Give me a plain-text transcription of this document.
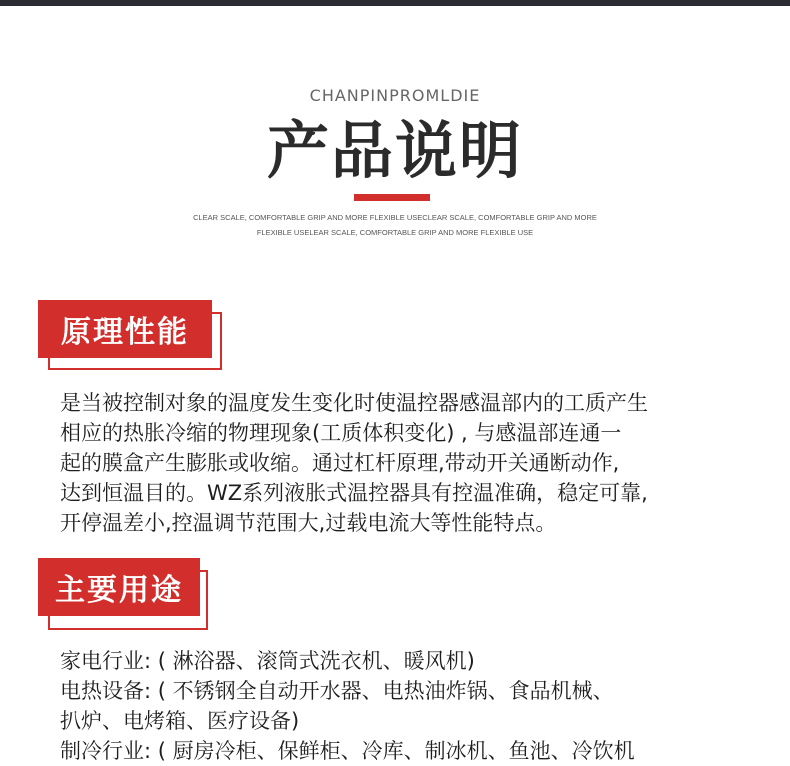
CHANPINPROMLDIE
产品说明
CLEAR SCALE, COMFORTABLE GRIP AND MORE FLEXIBLE USECLEAR SCALE, COMFORTABLE GRIP AND MORE
FLEXIBLE USELEAR SCALE, COMFORTABLE GRIP AND MORE FLEXIBLE USE
原理性能
是当被控制对象的温度发生变化时使温控器感温部内的工质产生
相应的热胀冷缩的物理现象(工质体积变化) , 与感温部连通一
起的膜盒产生膨胀或收缩。通过杠杆原理,带动开关通断动作,
达到恒温目的。WZ系列液胀式温控器具有控温准确，稳定可靠,
开停温差小,控温调节范围大,过载电流大等性能特点。
主要用途
家电行业: ( 淋浴器、滚筒式洗衣机、暖风机)
电热设备: ( 不锈钢全自动开水器、电热油炸锅、食品机械、
扒炉、电烤箱、医疗设备)
制冷行业: ( 厨房冷柜、保鲜柜、冷库、制冰机、鱼池、冷饮机
